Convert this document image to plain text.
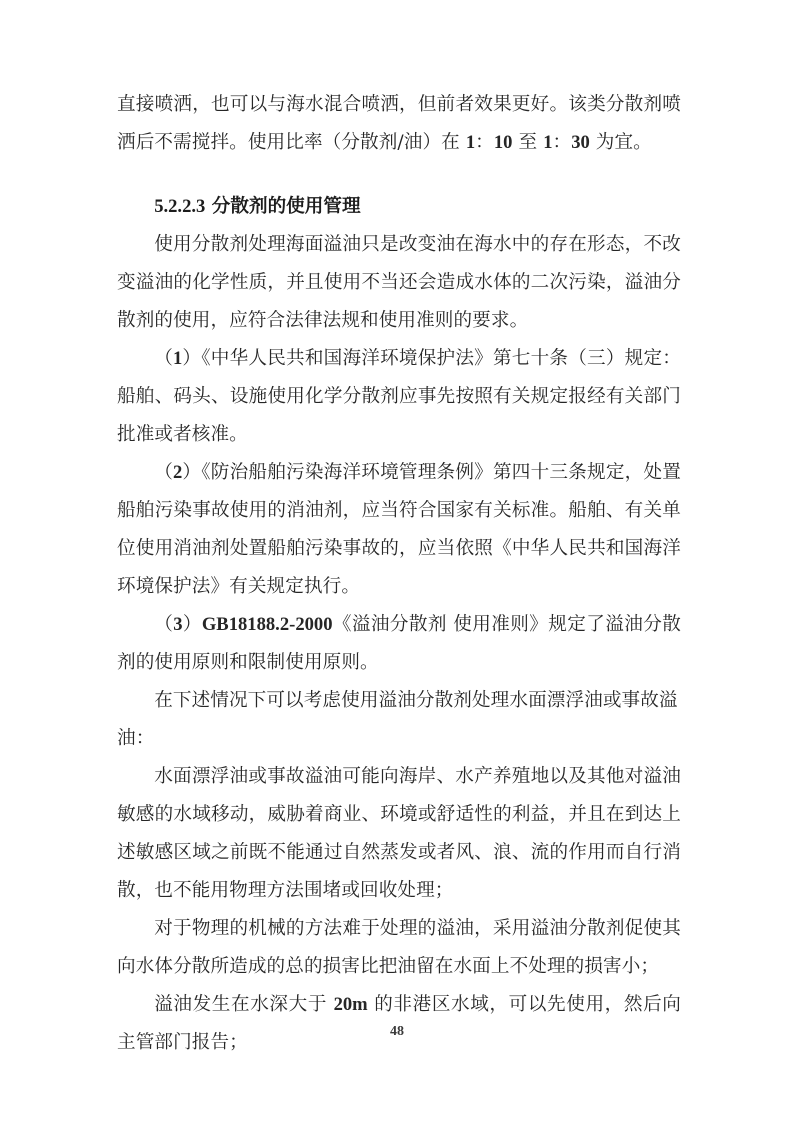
直接喷洒，也可以与海水混合喷洒，但前者效果更好。该类分散剂喷洒后不需搅拌。使用比率（分散剂/油）在 1：10 至 1：30 为宜。

5.2.2.3 分散剂的使用管理

使用分散剂处理海面溢油只是改变油在海水中的存在形态，不改变溢油的化学性质，并且使用不当还会造成水体的二次污染，溢油分散剂的使用，应符合法律法规和使用准则的要求。

（1）《中华人民共和国海洋环境保护法》第七十条（三）规定：船舶、码头、设施使用化学分散剂应事先按照有关规定报经有关部门批准或者核准。

（2）《防治船舶污染海洋环境管理条例》第四十三条规定，处置船舶污染事故使用的消油剂，应当符合国家有关标准。船舶、有关单位使用消油剂处置船舶污染事故的，应当依照《中华人民共和国海洋环境保护法》有关规定执行。

（3）GB18188.2-2000《溢油分散剂 使用准则》规定了溢油分散剂的使用原则和限制使用原则。

在下述情况下可以考虑使用溢油分散剂处理水面漂浮油或事故溢油：

水面漂浮油或事故溢油可能向海岸、水产养殖地以及其他对溢油敏感的水域移动，威胁着商业、环境或舒适性的利益，并且在到达上述敏感区域之前既不能通过自然蒸发或者风、浪、流的作用而自行消散，也不能用物理方法围堵或回收处理；

对于物理的机械的方法难于处理的溢油，采用溢油分散剂促使其向水体分散所造成的总的损害比把油留在水面上不处理的损害小；

溢油发生在水深大于 20m 的非港区水域，可以先使用，然后向主管部门报告；

48
